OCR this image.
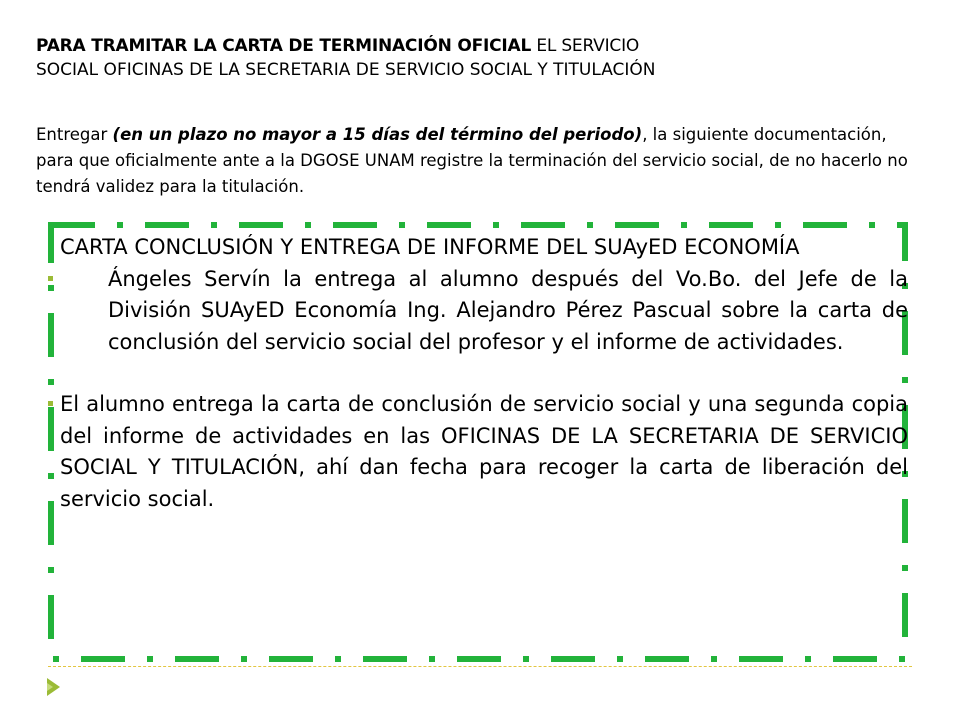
PARA TRAMITAR LA CARTA DE TERMINACIÓN OFICIAL EL SERVICIO

SOCIAL OFICINAS DE LA SECRETARIA DE SERVICIO SOCIAL Y TITULACIÓN

Entregar (en un plazo no mayor a 15 días del término del periodo), la siguiente documentación, para que oficialmente ante a la DGOSE UNAM registre la terminación del servicio social, de no hacerlo no tendrá validez para la titulación.

CARTA CONCLUSIÓN Y ENTREGA DE INFORME DEL SUAyED ECONOMÍA

Ángeles Servín la entrega al alumno después del Vo.Bo. del Jefe de la División SUAyED Economía Ing. Alejandro Pérez Pascual sobre la carta de conclusión del servicio social del profesor y el informe de actividades.

El alumno entrega la carta de conclusión de servicio social y una segunda copia del informe de actividades en las OFICINAS DE LA SECRETARIA DE SERVICIO SOCIAL Y TITULACIÓN, ahí dan fecha para recoger la carta de liberación del servicio social.
